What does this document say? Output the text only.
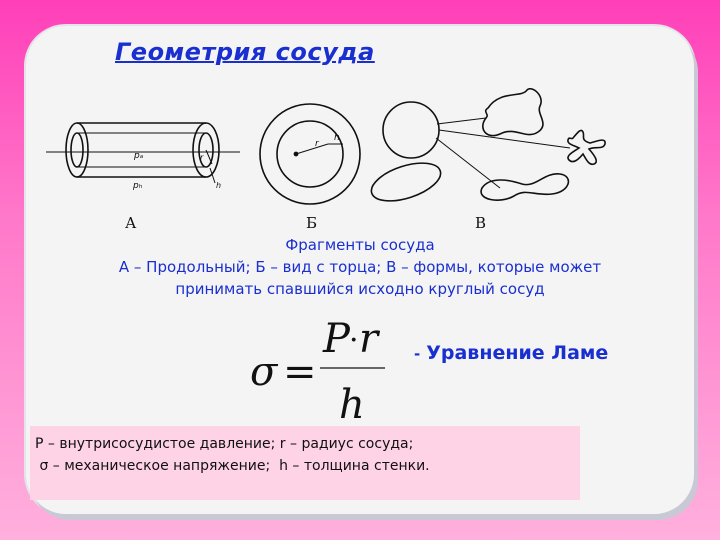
Геометрия сосуда
pₐ
pₕ
r
h
А
r
h
Б	В
Фрагменты сосуда
А – Продольный; Б – вид с торца; В – формы, которые может
принимать спавшийся исходно круглый сосуд
σ =
P · r
h
- Уравнение Ламе
P – внутрисосудистое давление; r – радиус сосуда;
σ – механическое напряжение;  h – толщина стенки.
